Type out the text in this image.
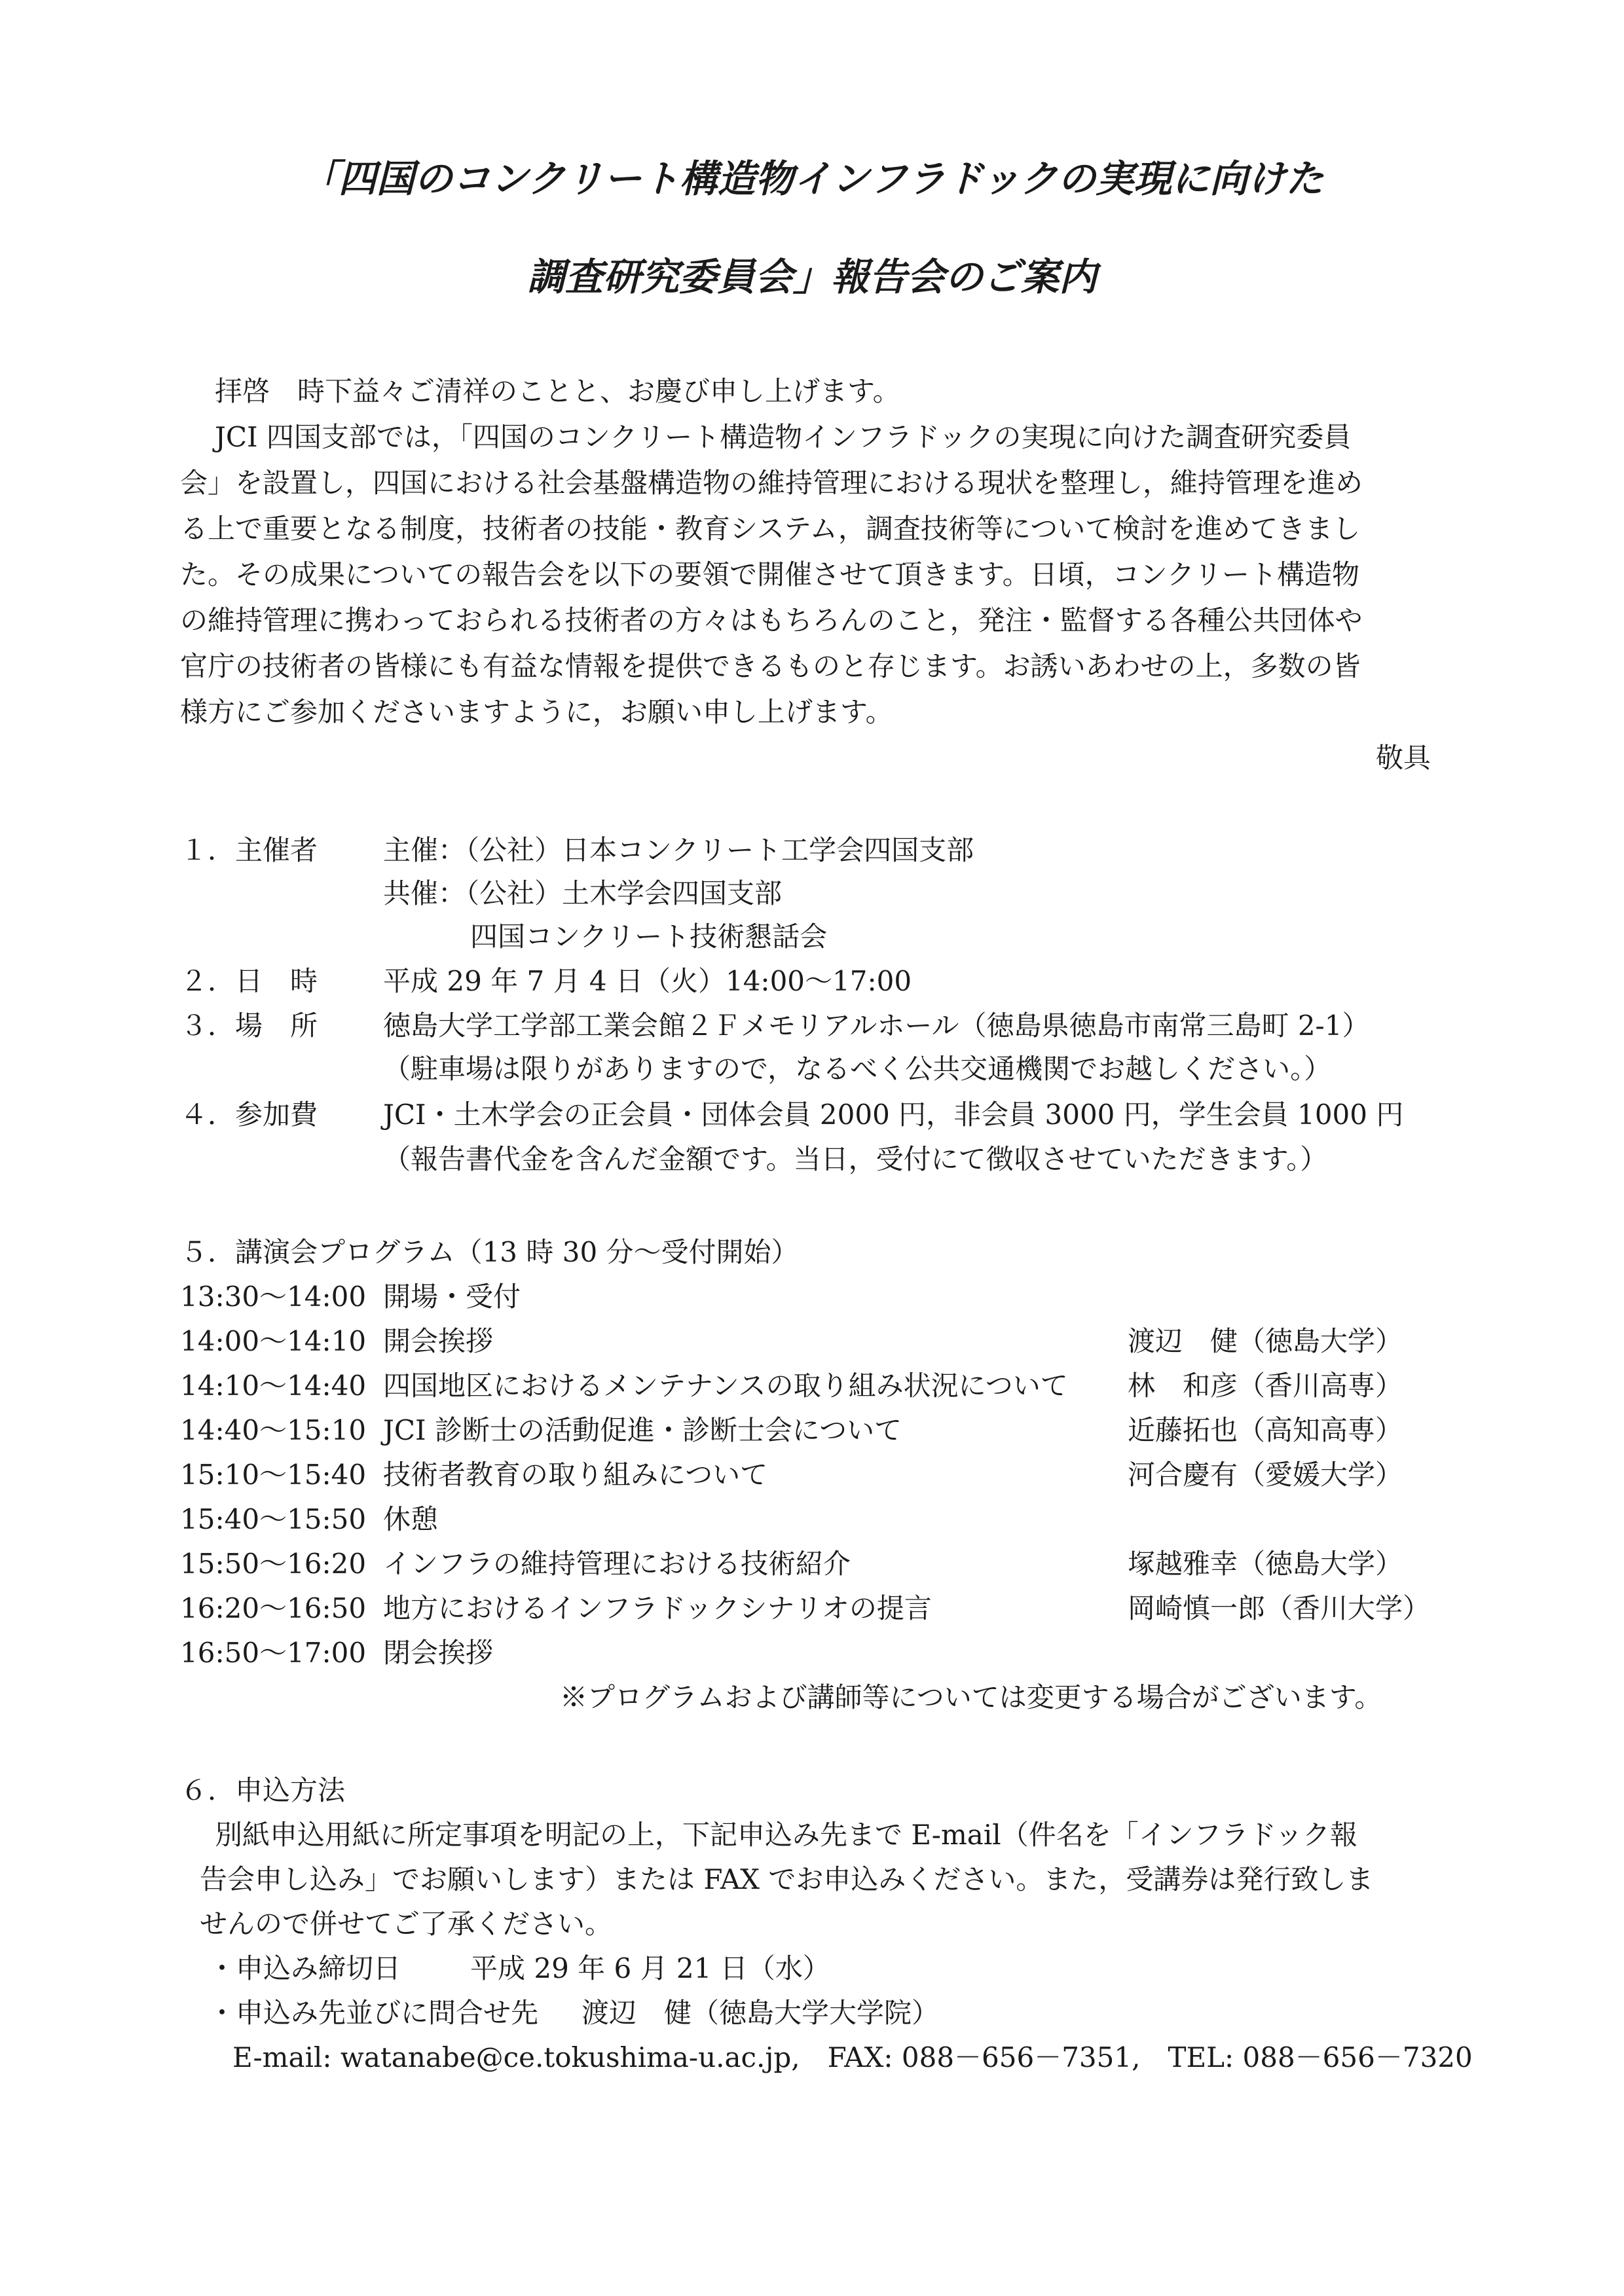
「四国のコンクリート構造物インフラドックの実現に向けた
調査研究委員会」報告会のご案内
拝啓　時下益々ご清祥のことと、お慶び申し上げます。
JCI 四国支部では，「四国のコンクリート構造物インフラドックの実現に向けた調査研究委員
会」を設置し，四国における社会基盤構造物の維持管理における現状を整理し，維持管理を進め
る上で重要となる制度，技術者の技能・教育システム，調査技術等について検討を進めてきまし
た。その成果についての報告会を以下の要領で開催させて頂きます。日頃，コンクリート構造物
の維持管理に携わっておられる技術者の方々はもちろんのこと，発注・監督する各種公共団体や
官庁の技術者の皆様にも有益な情報を提供できるものと存じます。お誘いあわせの上，多数の皆
様方にご参加くださいますように，お願い申し上げます。
敬具
１．主催者 主催：（公社）日本コンクリート工学会四国支部
共催：（公社）土木学会四国支部
四国コンクリート技術懇話会
２．日　時 平成 29 年 7 月 4 日（火）14:00～17:00
３．場　所 徳島大学工学部工業会館２Ｆメモリアルホール（徳島県徳島市南常三島町 2-1）
（駐車場は限りがありますので，なるべく公共交通機関でお越しください。）
４．参加費 JCI・土木学会の正会員・団体会員 2000 円，非会員 3000 円，学生会員 1000 円
（報告書代金を含んだ金額です。当日，受付にて徴収させていただきます。）
５．講演会プログラム（13 時 30 分～受付開始）
13:30～14:00 開場・受付
14:00～14:10 開会挨拶	渡辺　健（徳島大学）
14:10～14:40 四国地区におけるメンテナンスの取り組み状況について 林　和彦（香川高専）
14:40～15:10 JCI 診断士の活動促進・診断士会について	近藤拓也（高知高専）
15:10～15:40 技術者教育の取り組みについて	河合慶有（愛媛大学）
15:40～15:50 休憩
15:50～16:20 インフラの維持管理における技術紹介	塚越雅幸（徳島大学）
16:20～16:50 地方におけるインフラドックシナリオの提言	岡崎慎一郎（香川大学）
16:50～17:00 閉会挨拶
※プログラムおよび講師等については変更する場合がございます。
６．申込方法
別紙申込用紙に所定事項を明記の上，下記申込み先まで E-mail（件名を「インフラドック報
告会申し込み」でお願いします）または FAX でお申込みください。また，受講券は発行致しま
せんので併せてご了承ください。
・申込み締切日	平成 29 年 6 月 21 日（水）
・申込み先並びに問合せ先 渡辺　健（徳島大学大学院）
E-mail: watanabe@ce.tokushima-u.ac.jp,　FAX: 088－656－7351,　TEL: 088－656－7320
